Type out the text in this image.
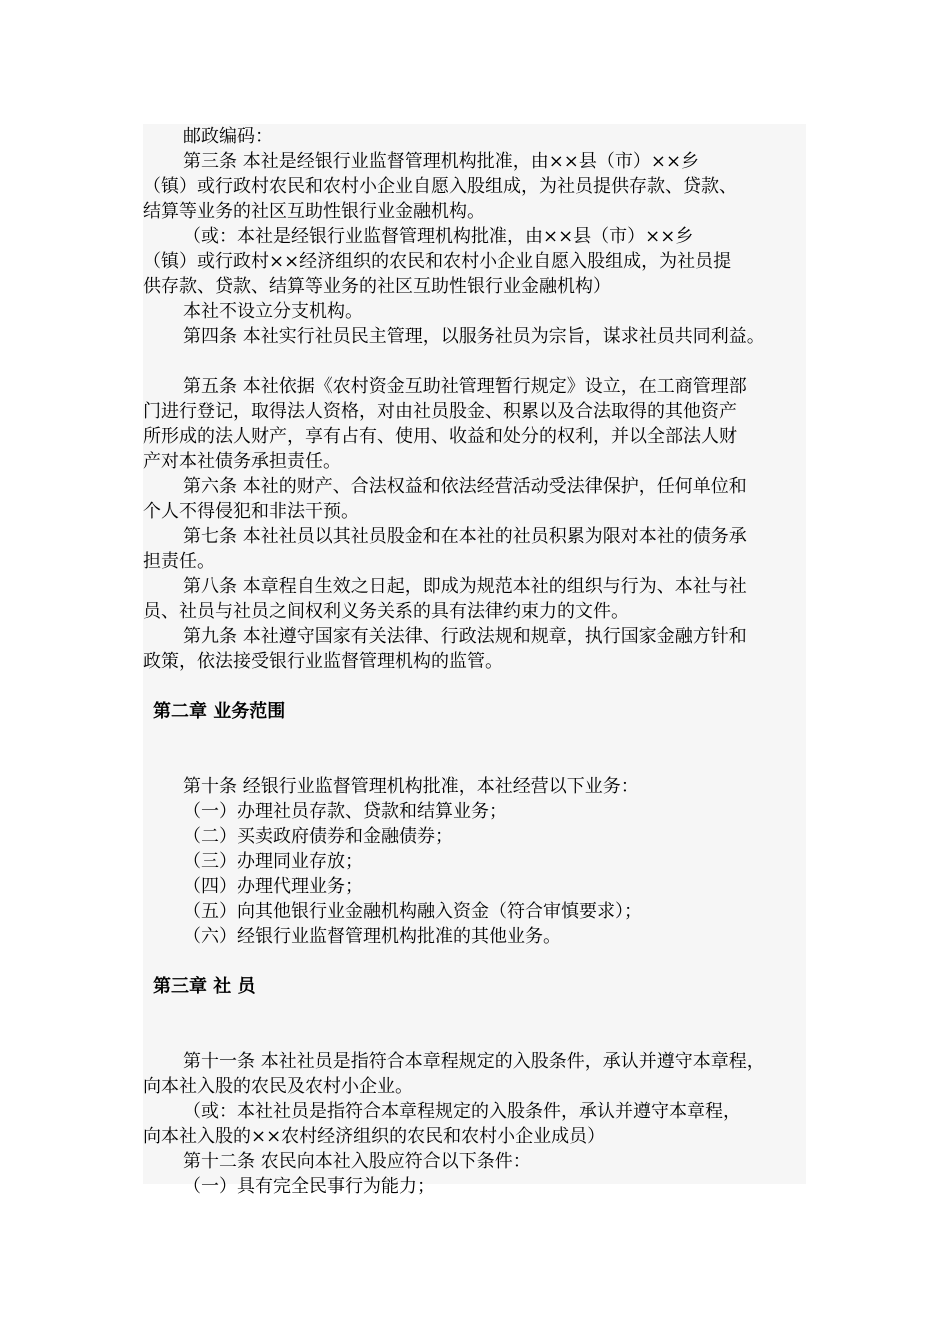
邮政编码：
第三条 本社是经银行业监督管理机构批准，由××县（市）××乡
（镇）或行政村农民和农村小企业自愿入股组成，为社员提供存款、贷款、
结算等业务的社区互助性银行业金融机构。
（或：本社是经银行业监督管理机构批准，由××县（市）××乡
（镇）或行政村××经济组织的农民和农村小企业自愿入股组成，为社员提
供存款、贷款、结算等业务的社区互助性银行业金融机构）
本社不设立分支机构。
第四条 本社实行社员民主管理，以服务社员为宗旨，谋求社员共同利益。
第五条 本社依据《农村资金互助社管理暂行规定》设立，在工商管理部
门进行登记，取得法人资格，对由社员股金、积累以及合法取得的其他资产
所形成的法人财产，享有占有、使用、收益和处分的权利，并以全部法人财
产对本社债务承担责任。
第六条 本社的财产、合法权益和依法经营活动受法律保护，任何单位和
个人不得侵犯和非法干预。
第七条 本社社员以其社员股金和在本社的社员积累为限对本社的债务承
担责任。
第八条 本章程自生效之日起，即成为规范本社的组织与行为、本社与社
员、社员与社员之间权利义务关系的具有法律约束力的文件。
第九条 本社遵守国家有关法律、行政法规和规章，执行国家金融方针和
政策，依法接受银行业监督管理机构的监管。
第二章 业务范围
第十条 经银行业监督管理机构批准，本社经营以下业务：
（一）办理社员存款、贷款和结算业务；
（二）买卖政府债券和金融债券；
（三）办理同业存放；
（四）办理代理业务；
（五）向其他银行业金融机构融入资金（符合审慎要求）；
（六）经银行业监督管理机构批准的其他业务。
第三章 社 员
第十一条 本社社员是指符合本章程规定的入股条件，承认并遵守本章程，
向本社入股的农民及农村小企业。
（或：本社社员是指符合本章程规定的入股条件，承认并遵守本章程，
向本社入股的××农村经济组织的农民和农村小企业成员）
第十二条 农民向本社入股应符合以下条件：
（一）具有完全民事行为能力；
